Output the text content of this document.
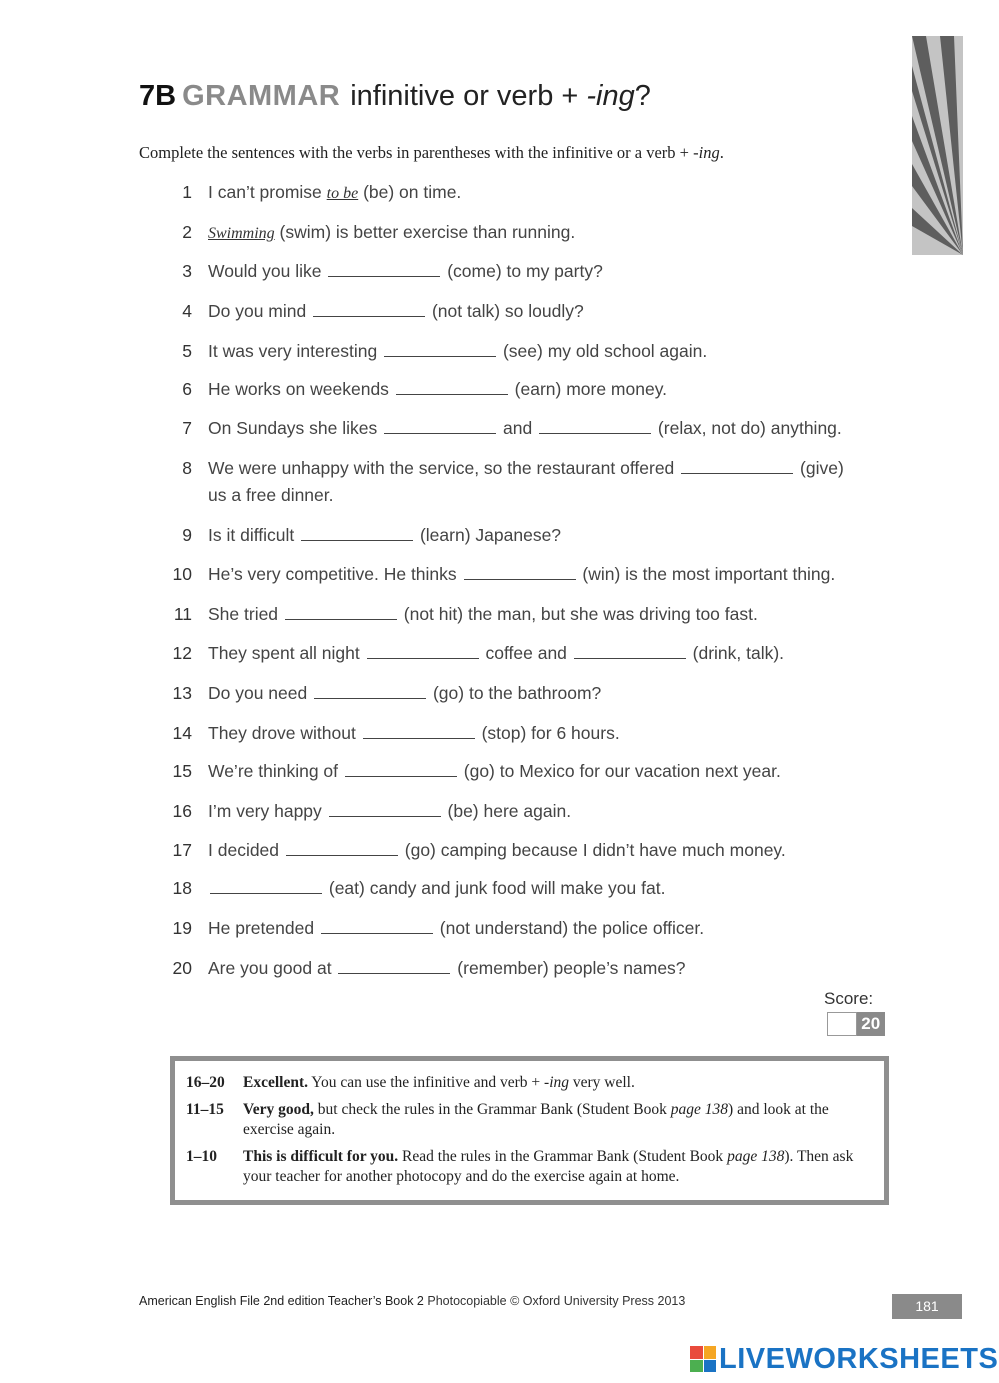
7B GRAMMAR infinitive or verb + -ing?
Complete the sentences with the verbs in parentheses with the infinitive or a verb + -ing.
1 I can’t promise to be (be) on time.
2 Swimming (swim) is better exercise than running.
3 Would you like	(come) to my party?
4 Do you mind	(not talk) so loudly?
5 It was very interesting	(see) my old school again.
6 He works on weekends	(earn) more money.
7 On Sundays she likes	and	(relax, not do) anything.
8 We were unhappy with the service, so the restaurant offered	(give)
us a free dinner.
9 Is it difficult	(learn) Japanese?
10 He’s very competitive. He thinks	(win) is the most important thing.
11 She tried	(not hit) the man, but she was driving too fast.
12 They spent all night	coffee and	(drink, talk).
13 Do you need	(go) to the bathroom?
14 They drove without	(stop) for 6 hours.
15 We’re thinking of	(go) to Mexico for our vacation next year.
16 I’m very happy	(be) here again.
17 I decided	(go) camping because I didn’t have much money.
18	(eat) candy and junk food will make you fat.
19 He pretended	(not understand) the police officer.
20 Are you good at	(remember) people’s names?
Score:
20
16–20 Excellent. You can use the infinitive and verb + -ing very well.
11–15 Very good, but check the rules in the Grammar Bank (Student Book page 138) and look at the exercise again.
1–10 This is difficult for you. Read the rules in the Grammar Bank (Student Book page 138). Then ask your teacher for another photocopy and do the exercise again at home.
American English File 2nd edition Teacher’s Book 2 Photocopiable © Oxford University Press 2013	181
LIVEWORKSHEETS
